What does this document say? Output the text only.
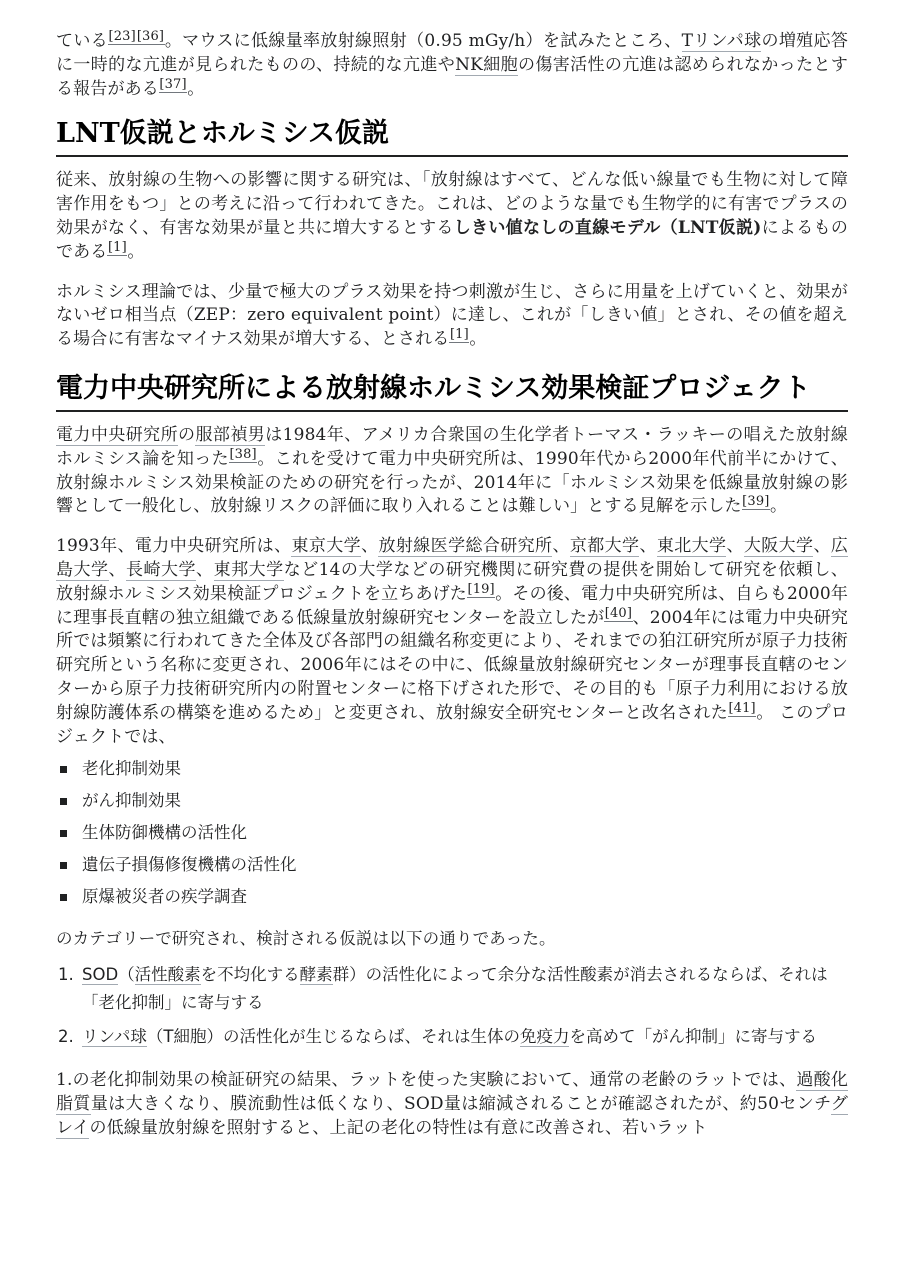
ている[23][36]。マウスに低線量率放射線照射（0.95 mGy/h）を試みたところ、Tリンパ球の増殖応答に一時的な亢進が見られたものの、持続的な亢進やNK細胞の傷害活性の亢進は認められなかったとする報告がある[37]。

LNT仮説とホルミシス仮説

従来、放射線の生物への影響に関する研究は、「放射線はすべて、どんな低い線量でも生物に対して障害作用をもつ」との考えに沿って行われてきた。これは、どのような量でも生物学的に有害でプラスの効果がなく、有害な効果が量と共に増大するとするしきい値なしの直線モデル（LNT仮説)によるものである[1]。

ホルミシス理論では、少量で極大のプラス効果を持つ刺激が生じ、さらに用量を上げていくと、効果がないゼロ相当点（ZEP：zero equivalent point）に達し、これが「しきい値」とされ、その値を超える場合に有害なマイナス効果が増大する、とされる[1]。

電力中央研究所による放射線ホルミシス効果検証プロジェクト

電力中央研究所の服部禎男は1984年、アメリカ合衆国の生化学者トーマス・ラッキーの唱えた放射線ホルミシス論を知った[38]。これを受けて電力中央研究所は、1990年代から2000年代前半にかけて、放射線ホルミシス効果検証のための研究を行ったが、2014年に「ホルミシス効果を低線量放射線の影響として一般化し、放射線リスクの評価に取り入れることは難しい」とする見解を示した[39]。

1993年、電力中央研究所は、東京大学、放射線医学総合研究所、京都大学、東北大学、大阪大学、広島大学、長崎大学、東邦大学など14の大学などの研究機関に研究費の提供を開始して研究を依頼し、放射線ホルミシス効果検証プロジェクトを立ちあげた[19]。その後、電力中央研究所は、自らも2000年に理事長直轄の独立組織である低線量放射線研究センターを設立したが[40]、2004年には電力中央研究所では頻繁に行われてきた全体及び各部門の組織名称変更により、それまでの狛江研究所が原子力技術研究所という名称に変更され、2006年にはその中に、低線量放射線研究センターが理事長直轄のセンターから原子力技術研究所内の附置センターに格下げされた形で、その目的も「原子力利用における放射線防護体系の構築を進めるため」と変更され、放射線安全研究センターと改名された[41]。 このプロジェクトでは、

老化抑制効果
がん抑制効果
生体防御機構の活性化
遺伝子損傷修復機構の活性化
原爆被災者の疾学調査

のカテゴリーで研究され、検討される仮説は以下の通りであった。

1. SOD（活性酸素を不均化する酵素群）の活性化によって余分な活性酸素が消去されるならば、それは「老化抑制」に寄与する
2. リンパ球（T細胞）の活性化が生じるならば、それは生体の免疫力を高めて「がん抑制」に寄与する

1.の老化抑制効果の検証研究の結果、ラットを使った実験において、通常の老齢のラットでは、過酸化脂質量は大きくなり、膜流動性は低くなり、SOD量は縮減されることが確認されたが、約50センチグレイの低線量放射線を照射すると、上記の老化の特性は有意に改善され、若いラット
